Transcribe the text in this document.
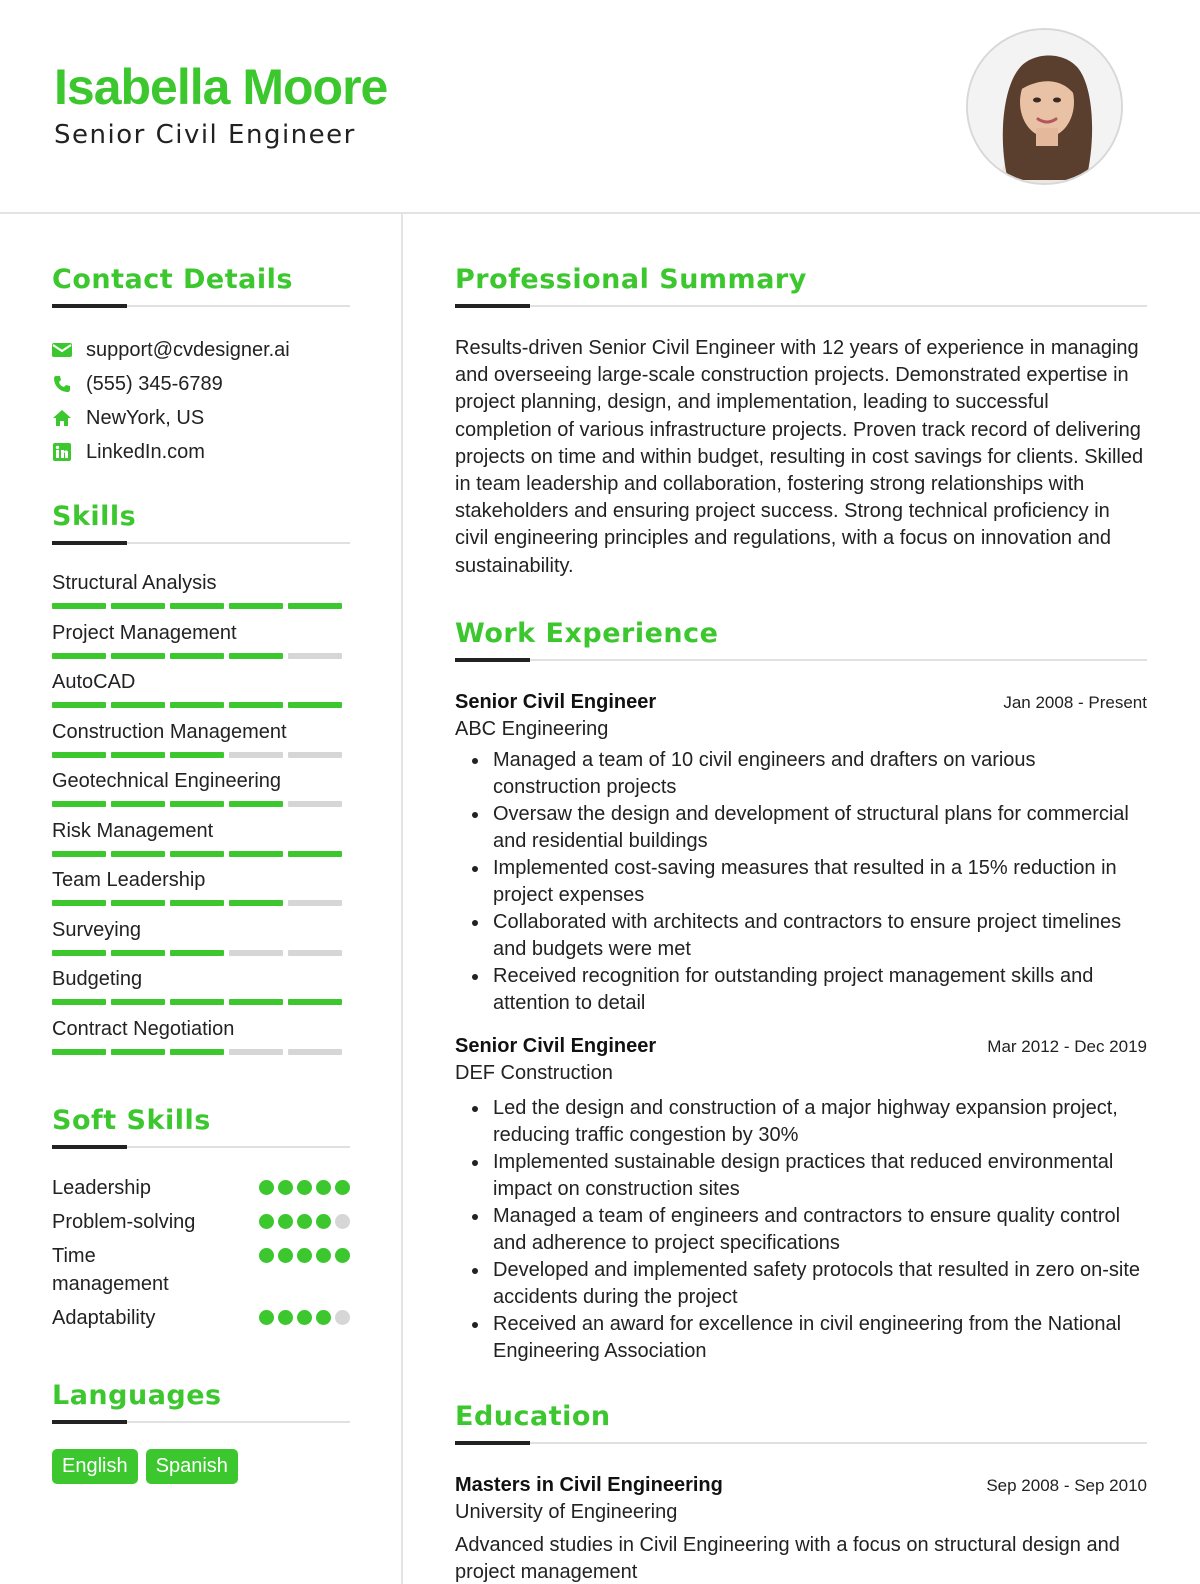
Isabella Moore
Senior Civil Engineer
Contact Details
support@cvdesigner.ai
(555) 345-6789
NewYork, US
LinkedIn.com
Skills
Structural Analysis
Project Management
AutoCAD
Construction Management
Geotechnical Engineering
Risk Management
Team Leadership
Surveying
Budgeting
Contract Negotiation
Soft Skills
Leadership
Problem-solving
Time management
Adaptability
Languages
English	Spanish
Professional Summary
Results-driven Senior Civil Engineer with 12 years of experience in managing and overseeing large-scale construction projects. Demonstrated expertise in project planning, design, and implementation, leading to successful completion of various infrastructure projects. Proven track record of delivering projects on time and within budget, resulting in cost savings for clients. Skilled in team leadership and collaboration, fostering strong relationships with stakeholders and ensuring project success. Strong technical proficiency in civil engineering principles and regulations, with a focus on innovation and sustainability.
Work Experience
Senior Civil Engineer	Jan 2008 - Present
ABC Engineering
Managed a team of 10 civil engineers and drafters on various construction projects
Oversaw the design and development of structural plans for commercial and residential buildings
Implemented cost-saving measures that resulted in a 15% reduction in project expenses
Collaborated with architects and contractors to ensure project timelines and budgets were met
Received recognition for outstanding project management skills and attention to detail
Senior Civil Engineer	Mar 2012 - Dec 2019
DEF Construction
Led the design and construction of a major highway expansion project, reducing traffic congestion by 30%
Implemented sustainable design practices that reduced environmental impact on construction sites
Managed a team of engineers and contractors to ensure quality control and adherence to project specifications
Developed and implemented safety protocols that resulted in zero on-site accidents during the project
Received an award for excellence in civil engineering from the National Engineering Association
Education
Masters in Civil Engineering	Sep 2008 - Sep 2010
University of Engineering
Advanced studies in Civil Engineering with a focus on structural design and project management
